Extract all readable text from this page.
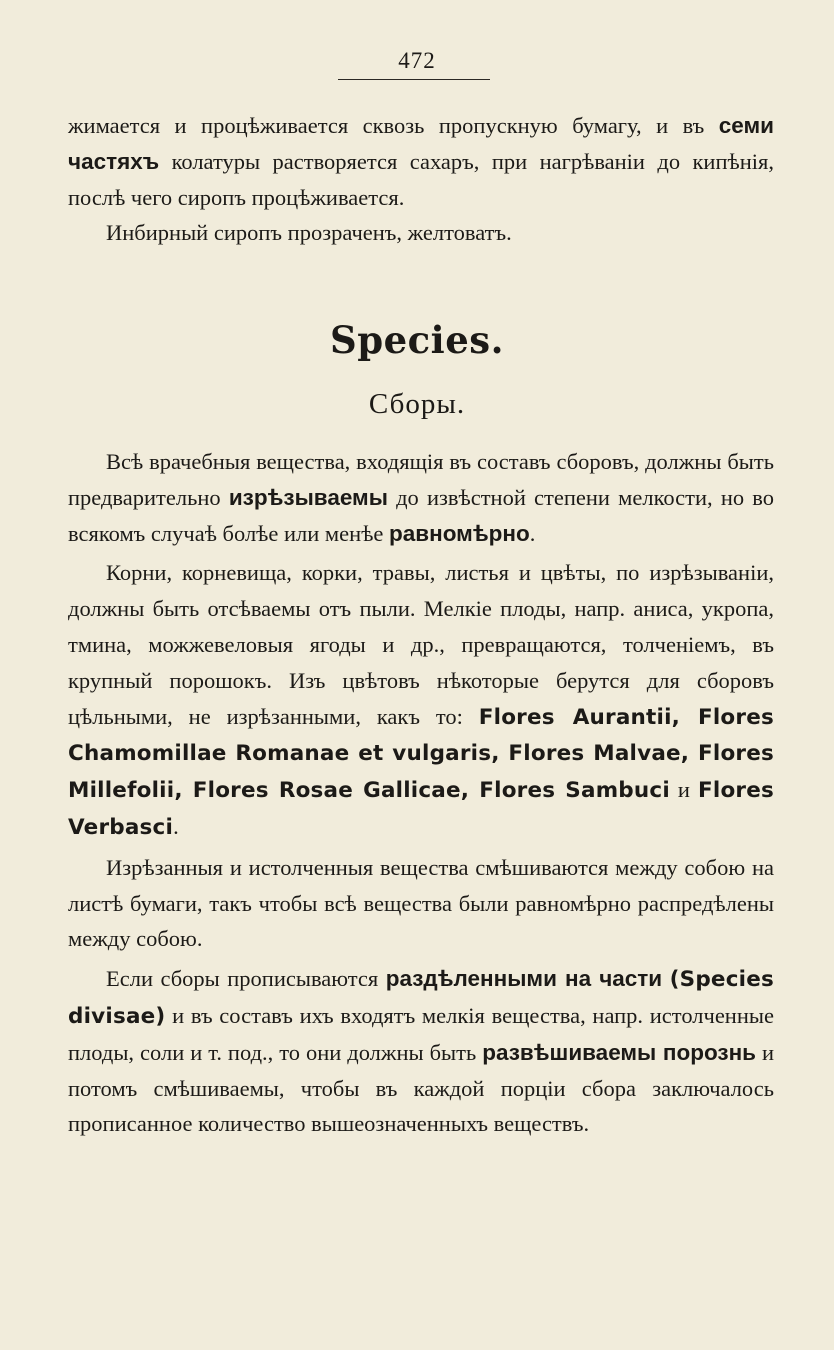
472

жимается и процѣживается сквозь пропускную бумагу, и въ семи частяхъ колатуры растворяется сахаръ, при нагрѣваніи до кипѣнія, послѣ чего сиропъ процѣживается.

Инбирный сиропъ прозраченъ, желтоватъ.

Species.
Сборы.

Всѣ врачебныя вещества, входящія въ составъ сборовъ, должны быть предварительно изрѣзываемы до извѣстной степени мелкости, но во всякомъ случаѣ болѣе или менѣе равномѣрно.

Корни, корневища, корки, травы, листья и цвѣты, по изрѣзываніи, должны быть отсѣваемы отъ пыли. Мелкіе плоды, напр. аниса, укропа, тмина, можжевеловыя ягоды и др., превращаются, толченіемъ, въ крупный порошокъ. Изъ цвѣтовъ нѣкоторые берутся для сборовъ цѣльными, не изрѣзанными, какъ то: Flores Aurantii, Flores Chamomillae Romanae et vulgaris, Flores Malvae, Flores Millefolii, Flores Rosae Gallicae, Flores Sambuci и Flores Verbasci.

Изрѣзанныя и истолченныя вещества смѣшиваются между собою на листѣ бумаги, такъ чтобы всѣ вещества были равномѣрно распредѣлены между собою.

Если сборы прописываются раздѣленными на части (Species divisae) и въ составъ ихъ входятъ мелкія вещества, напр. истолченные плоды, соли и т. под., то они должны быть развѣшиваемы порознь и потомъ смѣшиваемы, чтобы въ каждой порціи сбора заключалось прописанное количество вышеозначенныхъ веществъ.
